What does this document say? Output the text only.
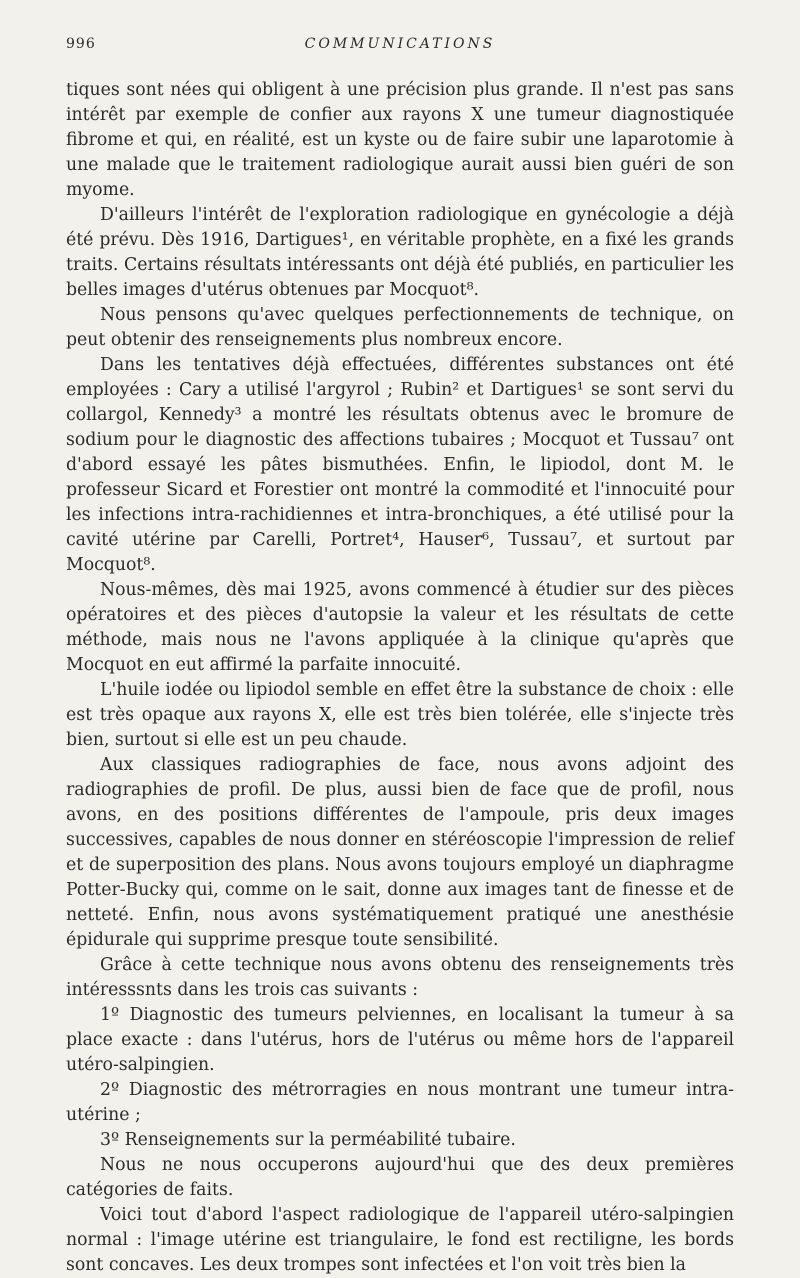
996	COMMUNICATIONS

tiques sont nées qui obligent à une précision plus grande. Il n'est pas sans intérêt par exemple de confier aux rayons X une tumeur diagnostiquée fibrome et qui, en réalité, est un kyste ou de faire subir une laparotomie à une malade que le traitement radiologique aurait aussi bien guéri de son myome.

D'ailleurs l'intérêt de l'exploration radiologique en gynécologie a déjà été prévu. Dès 1916, Dartigues¹, en véritable prophète, en a fixé les grands traits. Certains résultats intéressants ont déjà été publiés, en particulier les belles images d'utérus obtenues par Mocquot⁸.

Nous pensons qu'avec quelques perfectionnements de technique, on peut obtenir des renseignements plus nombreux encore.

Dans les tentatives déjà effectuées, différentes substances ont été employées : Cary a utilisé l'argyrol ; Rubin² et Dartigues¹ se sont servi du collargol, Kennedy³ a montré les résultats obtenus avec le bromure de sodium pour le diagnostic des affections tubaires ; Mocquot et Tussau⁷ ont d'abord essayé les pâtes bismuthées. Enfin, le lipiodol, dont M. le professeur Sicard et Forestier ont montré la commodité et l'innocuité pour les infections intra-rachidiennes et intra-bronchiques, a été utilisé pour la cavité utérine par Carelli, Portret⁴, Hauser⁶, Tussau⁷, et surtout par Mocquot⁸.

Nous-mêmes, dès mai 1925, avons commencé à étudier sur des pièces opératoires et des pièces d'autopsie la valeur et les résultats de cette méthode, mais nous ne l'avons appliquée à la clinique qu'après que Mocquot en eut affirmé la parfaite innocuité.

L'huile iodée ou lipiodol semble en effet être la substance de choix : elle est très opaque aux rayons X, elle est très bien tolérée, elle s'injecte très bien, surtout si elle est un peu chaude.

Aux classiques radiographies de face, nous avons adjoint des radiographies de profil. De plus, aussi bien de face que de profil, nous avons, en des positions différentes de l'ampoule, pris deux images successives, capables de nous donner en stéréoscopie l'impression de relief et de superposition des plans. Nous avons toujours employé un diaphragme Potter-Bucky qui, comme on le sait, donne aux images tant de finesse et de netteté. Enfin, nous avons systématiquement pratiqué une anesthésie épidurale qui supprime presque toute sensibilité.

Grâce à cette technique nous avons obtenu des renseignements très intéresssnts dans les trois cas suivants :

1º Diagnostic des tumeurs pelviennes, en localisant la tumeur à sa place exacte : dans l'utérus, hors de l'utérus ou même hors de l'appareil utéro-salpingien.

2º Diagnostic des métrorragies en nous montrant une tumeur intra-utérine ;

3º Renseignements sur la perméabilité tubaire.

Nous ne nous occuperons aujourd'hui que des deux premières catégories de faits.

Voici tout d'abord l'aspect radiologique de l'appareil utéro-salpingien normal : l'image utérine est triangulaire, le fond est rectiligne, les bords sont concaves. Les deux trompes sont infectées et l'on voit très bien la
